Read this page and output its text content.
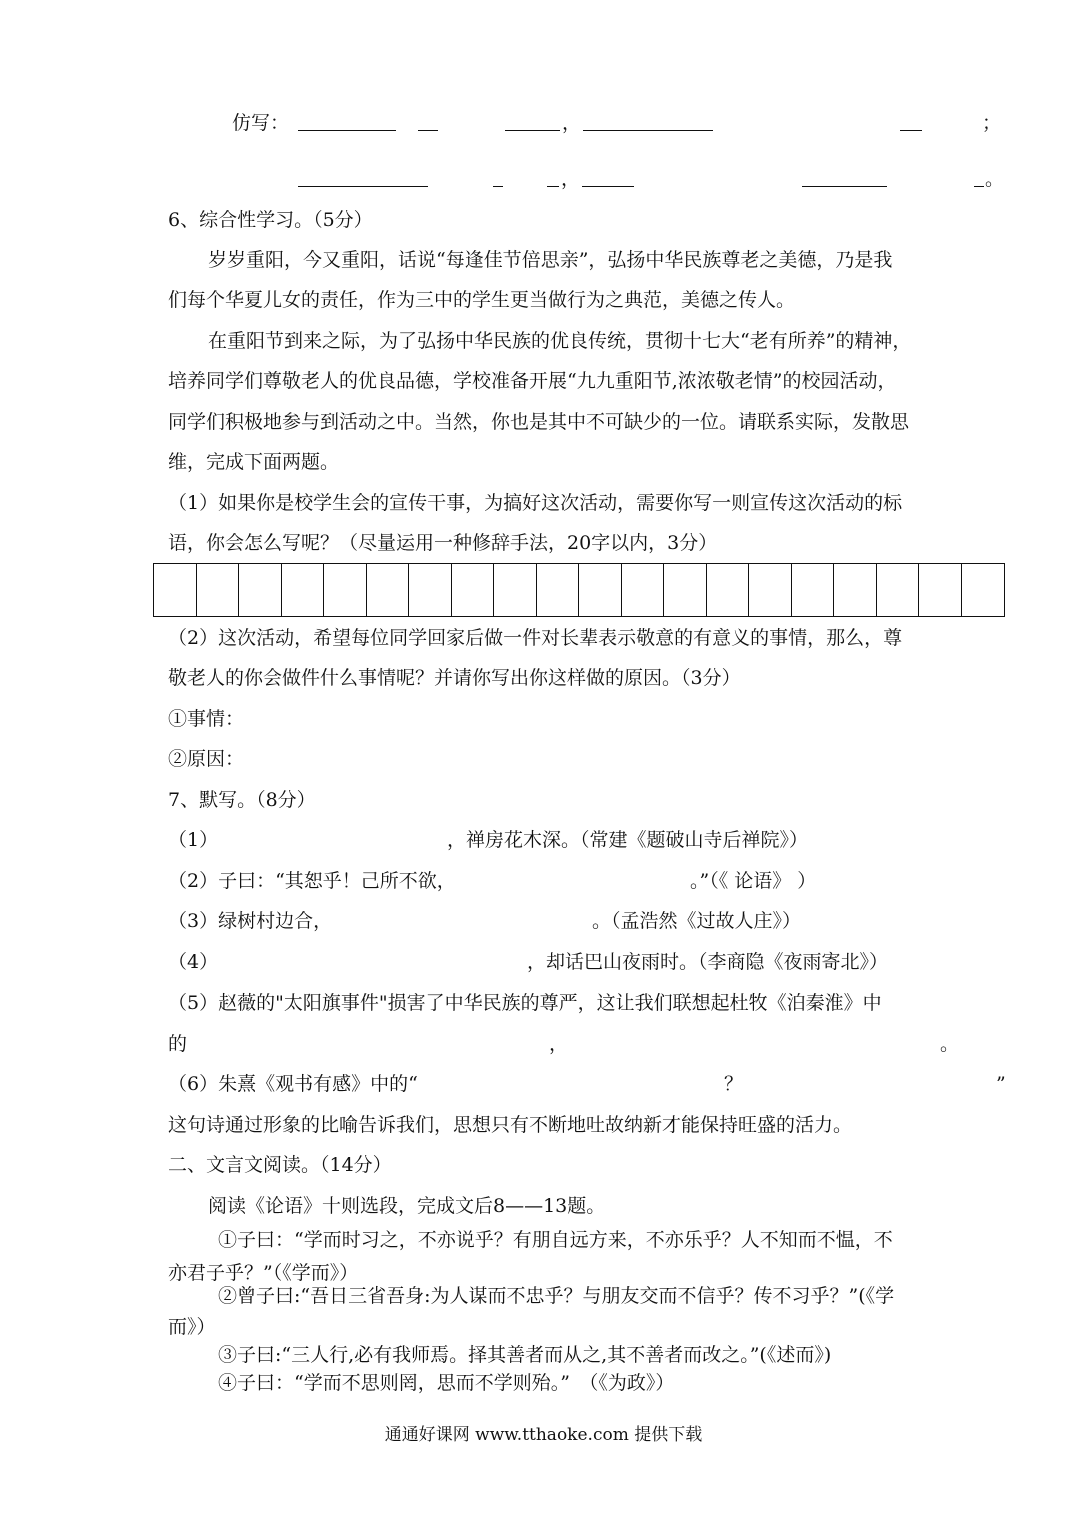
仿写：	，	；
，	。
6、综合性学习。（5分）
岁岁重阳，今又重阳，话说“每逢佳节倍思亲”，弘扬中华民族尊老之美德，乃是我
们每个华夏儿女的责任，作为三中的学生更当做行为之典范，美德之传人。
在重阳节到来之际，为了弘扬中华民族的优良传统，贯彻十七大“老有所养”的精神，
培养同学们尊敬老人的优良品德，学校准备开展“九九重阳节,浓浓敬老情”的校园活动，
同学们积极地参与到活动之中。当然，你也是其中不可缺少的一位。请联系实际，发散思
维，完成下面两题。
（1）如果你是校学生会的宣传干事，为搞好这次活动，需要你写一则宣传这次活动的标
语，你会怎么写呢？（尽量运用一种修辞手法，20字以内，3分）
（2）这次活动，希望每位同学回家后做一件对长辈表示敬意的有意义的事情，那么，尊
敬老人的你会做件什么事情呢？并请你写出你这样做的原因。（3分）
①事情：
②原因：
7、默写。（8分）
（1）	，禅房花木深。（常建《题破山寺后禅院》）
（2）子曰：“其恕乎！己所不欲，	。”（《 论语》 ）
（3）绿树村边合，	。（孟浩然《过故人庄》）
（4）	，却话巴山夜雨时。（李商隐《夜雨寄北》）
（5）赵薇的"太阳旗事件"损害了中华民族的尊严，这让我们联想起杜牧《泊秦淮》中
的	，	。
（6）朱熹《观书有感》中的“	？	”
这句诗通过形象的比喻告诉我们，思想只有不断地吐故纳新才能保持旺盛的活力。
二、文言文阅读。（14分）
阅读《论语》十则选段，完成文后8——13题。
①子曰：“学而时习之，不亦说乎？有朋自远方来，不亦乐乎？人不知而不愠，不
亦君子乎？”（《学而》）
②曾子曰:“吾日三省吾身:为人谋而不忠乎？与朋友交而不信乎？传不习乎？”(《学
而》）
③子曰:“三人行,必有我师焉。择其善者而从之,其不善者而改之。”(《述而》)
④子曰：“学而不思则罔，思而不学则殆。”　（《为政》）
通通好课网 www.tthaoke.com 提供下载
